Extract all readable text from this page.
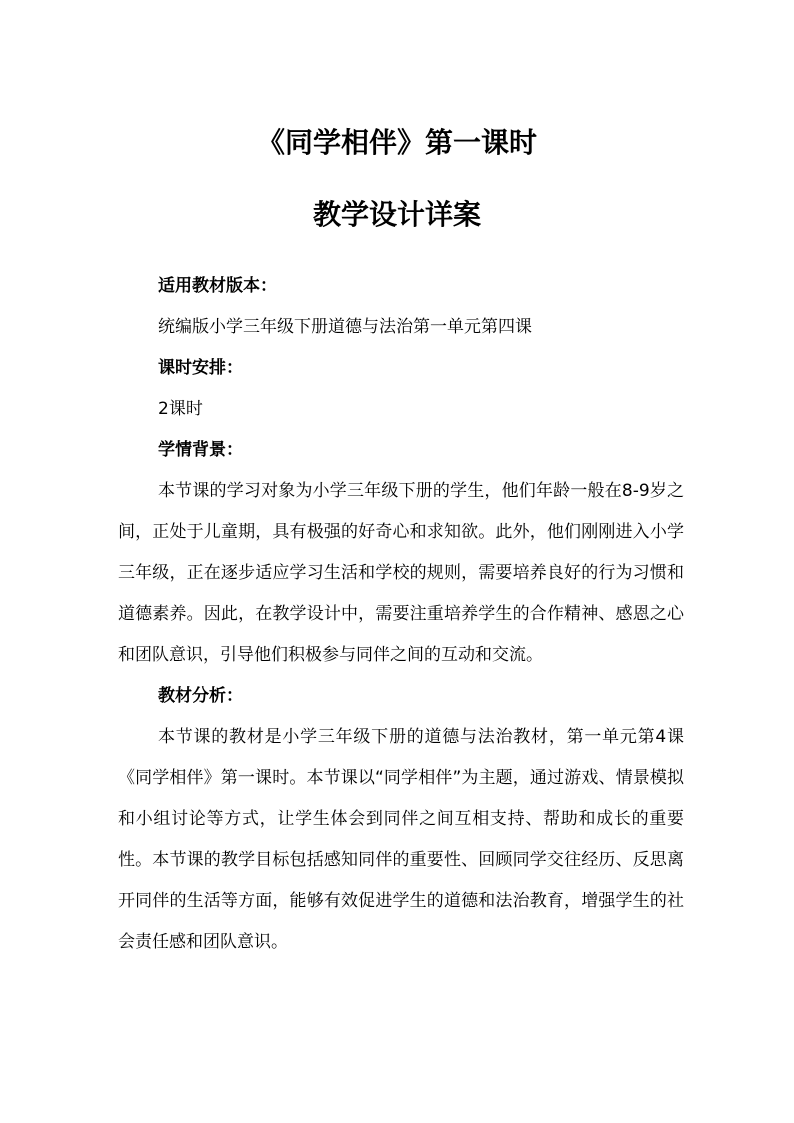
《同学相伴》第一课时
教学设计详案
适用教材版本：
统编版小学三年级下册道德与法治第一单元第四课
课时安排：
2课时
学情背景：

本节课的学习对象为小学三年级下册的学生，他们年龄一般在8-9岁之间，正处于儿童期，具有极强的好奇心和求知欲。此外，他们刚刚进入小学三年级，正在逐步适应学习生活和学校的规则，需要培养良好的行为习惯和道德素养。因此，在教学设计中，需要注重培养学生的合作精神、感恩之心和团队意识，引导他们积极参与同伴之间的互动和交流。

教材分析：

本节课的教材是小学三年级下册的道德与法治教材，第一单元第4课《同学相伴》第一课时。本节课以“同学相伴”为主题，通过游戏、情景模拟和小组讨论等方式，让学生体会到同伴之间互相支持、帮助和成长的重要性。本节课的教学目标包括感知同伴的重要性、回顾同学交往经历、反思离开同伴的生活等方面，能够有效促进学生的道德和法治教育，增强学生的社会责任感和团队意识。
